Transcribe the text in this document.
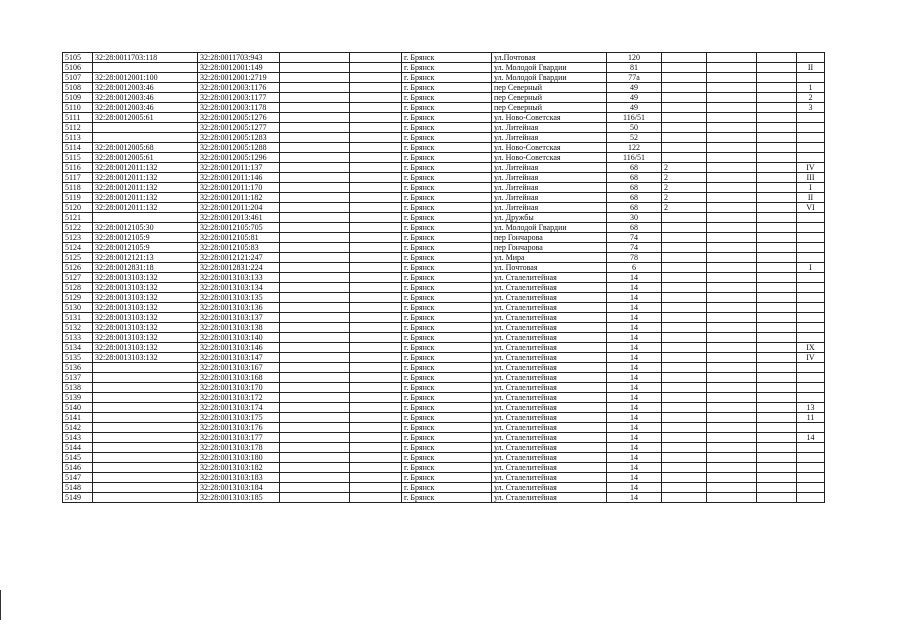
5105	32:28:0011703:118	32:28:0011703:943			г. Брянск	ул.Почтовая	120				
5106		32:28:0012001:149			г. Брянск	ул. Молодой Гвардии	81				II
5107	32:28:0012001:100	32:28:0012001:2719			г. Брянск	ул. Молодой Гвардии	77а				
5108	32:28:0012003:46	32:28:0012003:1176			г. Брянск	пер Северный	49				1
5109	32:28:0012003:46	32:28:0012003:1177			г. Брянск	пер Северный	49				2
5110	32:28:0012003:46	32:28:0012003:1178			г. Брянск	пер Северный	49				3
5111	32:28:0012005:61	32:28:0012005:1276			г. Брянск	ул. Ново-Советская	116/51				
5112		32:28:0012005:1277			г. Брянск	ул. Литейная	50				
5113		32:28:0012005:1283			г. Брянск	ул. Литейная	52				
5114	32:28:0012005:68	32:28:0012005:1288			г. Брянск	ул. Ново-Советская	122				
5115	32:28:0012005:61	32:28:0012005:1296			г. Брянск	ул. Ново-Советская	116/51				
5116	32:28:0012011:132	32:28:0012011:137			г. Брянск	ул. Литейная	68	2			IV
5117	32:28:0012011:132	32:28:0012011:146			г. Брянск	ул. Литейная	68	2			III
5118	32:28:0012011:132	32:28:0012011:170			г. Брянск	ул. Литейная	68	2			I
5119	32:28:0012011:132	32:28:0012011:182			г. Брянск	ул. Литейная	68	2			II
5120	32:28:0012011:132	32:28:0012011:204			г. Брянск	ул. Литейная	68	2			VI
5121		32:28:0012013:461			г. Брянск	ул. Дружбы	30				
5122	32:28:0012105:30	32:28:0012105:705			г. Брянск	ул. Молодой Гвардии	68				
5123	32:28:0012105:9	32:28:0012105:81			г. Брянск	пер Гончарова	74				
5124	32:28:0012105:9	32:28:0012105:83			г. Брянск	пер Гончарова	74				
5125	32:28:0012121:13	32:28:0012121:247			г. Брянск	ул. Мира	78				
5126	32:28:0012831:18	32:28:0012831:224			г. Брянск	ул. Почтовая	6				I
5127	32:28:0013103:132	32:28:0013103:133			г. Брянск	ул. Сталелитейная	14				
5128	32:28:0013103:132	32:28:0013103:134			г. Брянск	ул. Сталелитейная	14				
5129	32:28:0013103:132	32:28:0013103:135			г. Брянск	ул. Сталелитейная	14				
5130	32:28:0013103:132	32:28:0013103:136			г. Брянск	ул. Сталелитейная	14				
5131	32:28:0013103:132	32:28:0013103:137			г. Брянск	ул. Сталелитейная	14				
5132	32:28:0013103:132	32:28:0013103:138			г. Брянск	ул. Сталелитейная	14				
5133	32:28:0013103:132	32:28:0013103:140			г. Брянск	ул. Сталелитейная	14				
5134	32:28:0013103:132	32:28:0013103:146			г. Брянск	ул. Сталелитейная	14				IX
5135	32:28:0013103:132	32:28:0013103:147			г. Брянск	ул. Сталелитейная	14				IV
5136		32:28:0013103:167			г. Брянск	ул. Сталелитейная	14				
5137		32:28:0013103:168			г. Брянск	ул. Сталелитейная	14				
5138		32:28:0013103:170			г. Брянск	ул. Сталелитейная	14				
5139		32:28:0013103:172			г. Брянск	ул. Сталелитейная	14				
5140		32:28:0013103:174			г. Брянск	ул. Сталелитейная	14				13
5141		32:28:0013103:175			г. Брянск	ул. Сталелитейная	14				11
5142		32:28:0013103:176			г. Брянск	ул. Сталелитейная	14				
5143		32:28:0013103:177			г. Брянск	ул. Сталелитейная	14				14
5144		32:28:0013103:178			г. Брянск	ул. Сталелитейная	14				
5145		32:28:0013103:180			г. Брянск	ул. Сталелитейная	14				
5146		32:28:0013103:182			г. Брянск	ул. Сталелитейная	14				
5147		32:28:0013103:183			г. Брянск	ул. Сталелитейная	14				
5148		32:28:0013103:184			г. Брянск	ул. Сталелитейная	14				
5149		32:28:0013103:185			г. Брянск	ул. Сталелитейная	14				
